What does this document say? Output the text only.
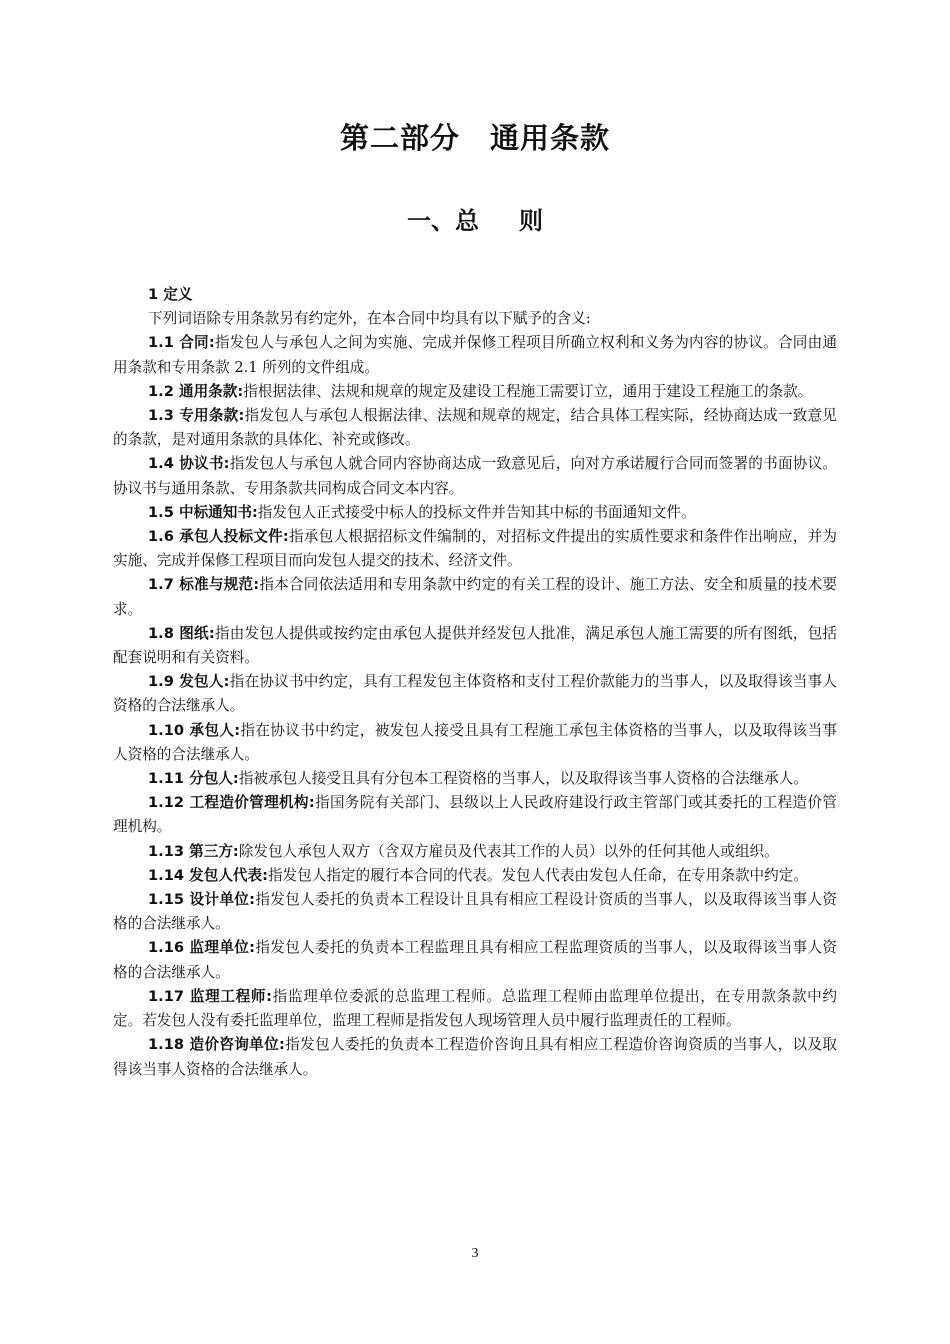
第二部分 通用条款
一、总 则

1 定义

下列词语除专用条款另有约定外，在本合同中均具有以下赋予的含义:

1.1 合同:指发包人与承包人之间为实施、完成并保修工程项目所确立权利和义务为内容的协议。合同由通用条款和专用条款 2.1 所列的文件组成。

1.2 通用条款:指根据法律、法规和规章的规定及建设工程施工需要订立，通用于建设工程施工的条款。

1.3 专用条款:指发包人与承包人根据法律、法规和规章的规定，结合具体工程实际，经协商达成一致意见的条款，是对通用条款的具体化、补充或修改。

1.4 协议书:指发包人与承包人就合同内容协商达成一致意见后，向对方承诺履行合同而签署的书面协议。协议书与通用条款、专用条款共同构成合同文本内容。

1.5 中标通知书:指发包人正式接受中标人的投标文件并告知其中标的书面通知文件。

1.6 承包人投标文件:指承包人根据招标文件编制的，对招标文件提出的实质性要求和条件作出响应，并为实施、完成并保修工程项目而向发包人提交的技术、经济文件。

1.7 标准与规范:指本合同依法适用和专用条款中约定的有关工程的设计、施工方法、安全和质量的技术要求。

1.8 图纸:指由发包人提供或按约定由承包人提供并经发包人批准，满足承包人施工需要的所有图纸，包括配套说明和有关资料。

1.9 发包人:指在协议书中约定，具有工程发包主体资格和支付工程价款能力的当事人，以及取得该当事人资格的合法继承人。

1.10 承包人:指在协议书中约定，被发包人接受且具有工程施工承包主体资格的当事人，以及取得该当事人资格的合法继承人。

1.11 分包人:指被承包人接受且具有分包本工程资格的当事人，以及取得该当事人资格的合法继承人。

1.12 工程造价管理机构:指国务院有关部门、县级以上人民政府建设行政主管部门或其委托的工程造价管理机构。

1.13 第三方:除发包人承包人双方（含双方雇员及代表其工作的人员）以外的任何其他人或组织。

1.14 发包人代表:指发包人指定的履行本合同的代表。发包人代表由发包人任命，在专用条款中约定。

1.15 设计单位:指发包人委托的负责本工程设计且具有相应工程设计资质的当事人，以及取得该当事人资格的合法继承人。

1.16 监理单位:指发包人委托的负责本工程监理且具有相应工程监理资质的当事人，以及取得该当事人资格的合法继承人。

1.17 监理工程师:指监理单位委派的总监理工程师。总监理工程师由监理单位提出，在专用款条款中约定。若发包人没有委托监理单位，监理工程师是指发包人现场管理人员中履行监理责任的工程师。

1.18 造价咨询单位:指发包人委托的负责本工程造价咨询且具有相应工程造价咨询资质的当事人，以及取得该当事人资格的合法继承人。

3
